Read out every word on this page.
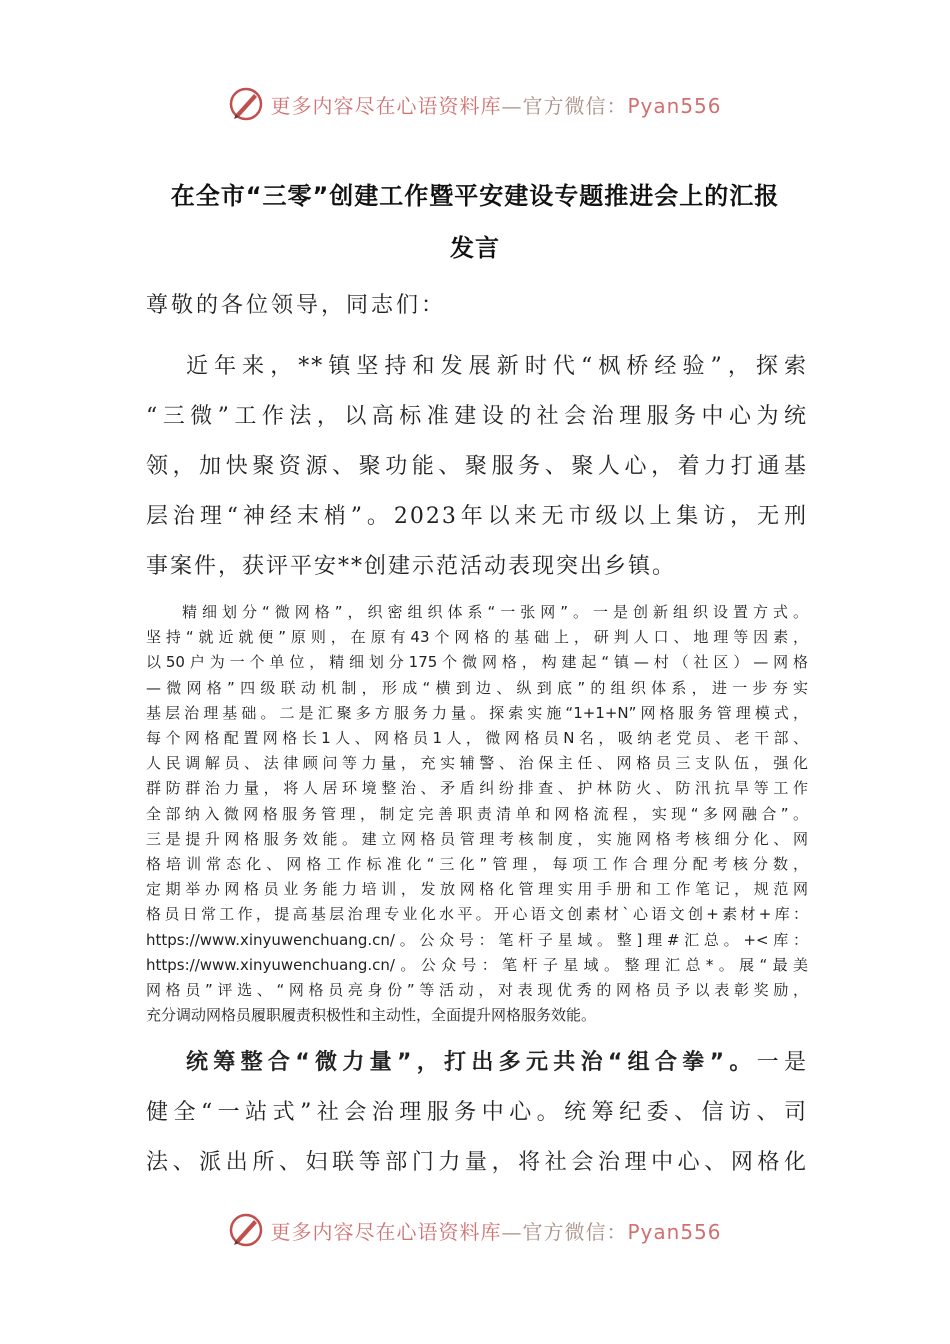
更多内容尽在心语资料库—官方微信：Pyan556
在全市“三零”创建工作暨平安建设专题推进会上的汇报
发言
尊敬的各位领导，同志们：
近年来，**镇坚持和发展新时代“枫桥经验”，探索
“三微”工作法，以高标准建设的社会治理服务中心为统
领，加快聚资源、聚功能、聚服务、聚人心，着力打通基
层治理“神经末梢”。2023年以来无市级以上集访，无刑
事案件，获评平安**创建示范活动表现突出乡镇。
精细划分“微网格”，织密组织体系“一张网”。一是创新组织设置方式。
坚持“就近就便”原则，在原有43个网格的基础上，研判人口、地理等因素，
以50户为一个单位，精细划分175个微网格，构建起“镇—村（社区）—网格
—微网格”四级联动机制，形成“横到边、纵到底”的组织体系，进一步夯实
基层治理基础。二是汇聚多方服务力量。探索实施“1+1+N”网格服务管理模式，
每个网格配置网格长1人、网格员1人，微网格员N名，吸纳老党员、老干部、
人民调解员、法律顾问等力量，充实辅警、治保主任、网格员三支队伍，强化
群防群治力量，将人居环境整治、矛盾纠纷排查、护林防火、防汛抗旱等工作
全部纳入微网格服务管理，制定完善职责清单和网格流程，实现“多网融合”。
三是提升网格服务效能。建立网格员管理考核制度，实施网格考核细分化、网
格培训常态化、网格工作标准化“三化”管理，每项工作合理分配考核分数，
定期举办网格员业务能力培训，发放网格化管理实用手册和工作笔记，规范网
格员日常工作，提高基层治理专业化水平。开心语文创素材`心语文创+素材+库：
https://www.xinyuwenchuang.cn/。公众号：笔杆子星域。整]理#汇总。+<库：
https://www.xinyuwenchuang.cn/。公众号：笔杆子星域。整理汇总*。展“最美
网格员”评选、“网格员亮身份”等活动，对表现优秀的网格员予以表彰奖励，
充分调动网格员履职履责积极性和主动性，全面提升网格服务效能。
统筹整合“微力量”，打出多元共治“组合拳”。一是
健全“一站式”社会治理服务中心。统筹纪委、信访、司
法、派出所、妇联等部门力量，将社会治理中心、网格化
更多内容尽在心语资料库—官方微信：Pyan556
